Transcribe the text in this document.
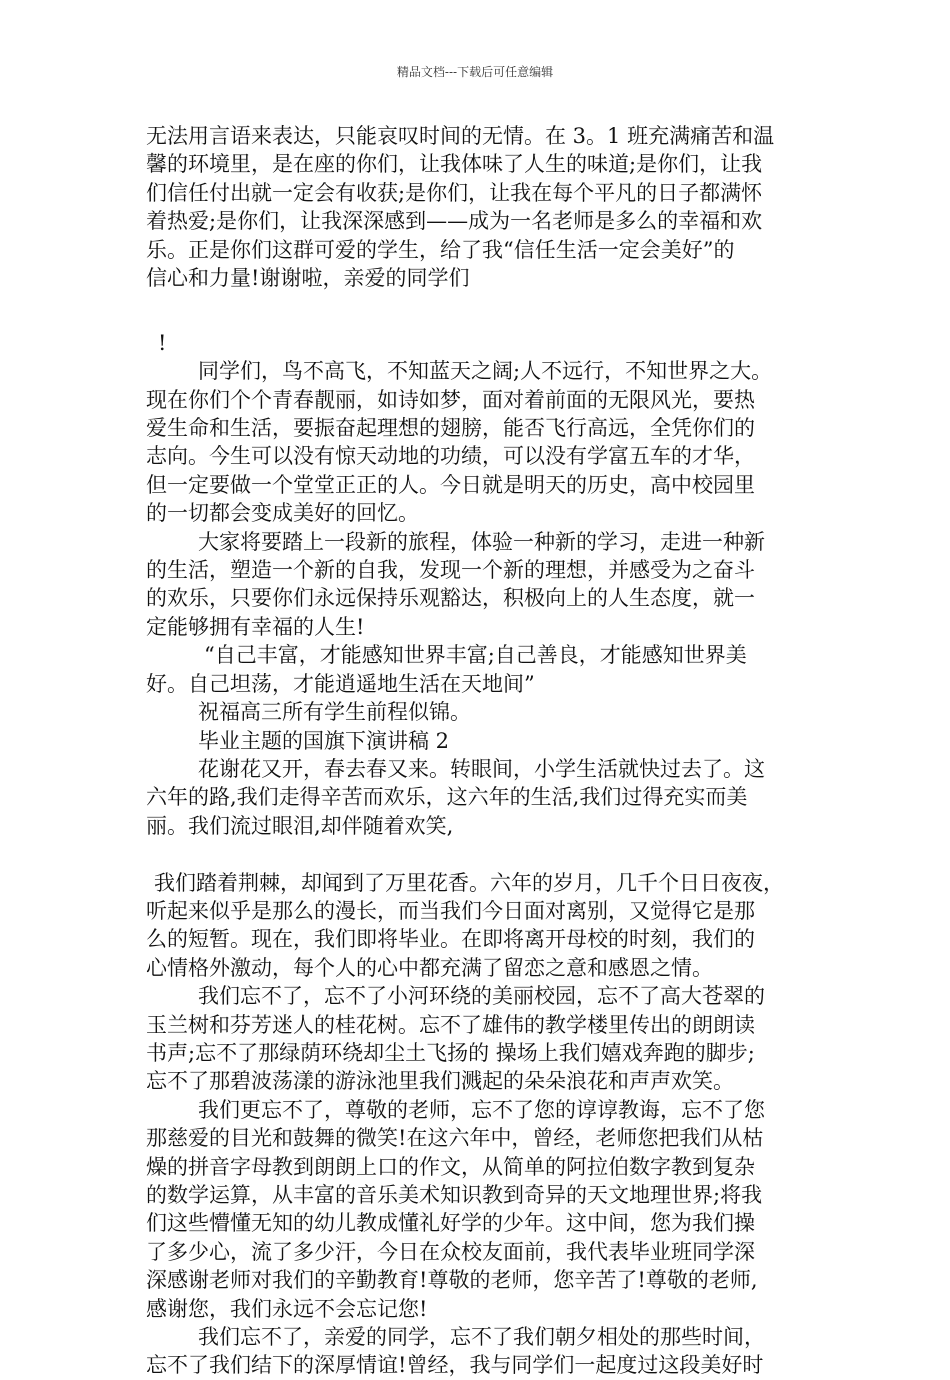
精品文档---下载后可任意编辑

无法用言语来表达，只能哀叹时间的无情。在 3。1 班充满痛苦和温

馨的环境里，是在座的你们，让我体味了人生的味道;是你们，让我

们信任付出就一定会有收获;是你们，让我在每个平凡的日子都满怀

着热爱;是你们，让我深深感到——成为一名老师是多么的幸福和欢

乐。正是你们这群可爱的学生，给了我“信任生活一定会美好”的

信心和力量!谢谢啦，亲爱的同学们

!

同学们，鸟不高飞，不知蓝天之阔;人不远行，不知世界之大。

现在你们个个青春靓丽，如诗如梦，面对着前面的无限风光，要热

爱生命和生活，要振奋起理想的翅膀，能否飞行高远，全凭你们的

志向。今生可以没有惊天动地的功绩，可以没有学富五车的才华，

但一定要做一个堂堂正正的人。今日就是明天的历史，高中校园里

的一切都会变成美好的回忆。

大家将要踏上一段新的旅程，体验一种新的学习，走进一种新

的生活，塑造一个新的自我，发现一个新的理想，并感受为之奋斗

的欢乐，只要你们永远保持乐观豁达，积极向上的人生态度，就一

定能够拥有幸福的人生!

“自己丰富，才能感知世界丰富;自己善良，才能感知世界美

好。自己坦荡，才能逍遥地生活在天地间”

祝福高三所有学生前程似锦。

毕业主题的国旗下演讲稿 2

花谢花又开，春去春又来。转眼间，小学生活就快过去了。这

六年的路,我们走得辛苦而欢乐，这六年的生活,我们过得充实而美

丽。我们流过眼泪,却伴随着欢笑,

我们踏着荆棘，却闻到了万里花香。六年的岁月，几千个日日夜夜，

听起来似乎是那么的漫长，而当我们今日面对离别，又觉得它是那

么的短暂。现在，我们即将毕业。在即将离开母校的时刻，我们的

心情格外激动，每个人的心中都充满了留恋之意和感恩之情。

我们忘不了，忘不了小河环绕的美丽校园，忘不了高大苍翠的

玉兰树和芬芳迷人的桂花树。忘不了雄伟的教学楼里传出的朗朗读

书声;忘不了那绿荫环绕却尘土飞扬的 操场上我们嬉戏奔跑的脚步;

忘不了那碧波荡漾的游泳池里我们溅起的朵朵浪花和声声欢笑。

我们更忘不了，尊敬的老师，忘不了您的谆谆教诲，忘不了您

那慈爱的目光和鼓舞的微笑!在这六年中，曾经，老师您把我们从枯

燥的拼音字母教到朗朗上口的作文，从简单的阿拉伯数字教到复杂

的数学运算，从丰富的音乐美术知识教到奇异的天文地理世界;将我

们这些懵懂无知的幼儿教成懂礼好学的少年。这中间，您为我们操

了多少心，流了多少汗，今日在众校友面前，我代表毕业班同学深

深感谢老师对我们的辛勤教育!尊敬的老师，您辛苦了!尊敬的老师,

感谢您，我们永远不会忘记您!

我们忘不了，亲爱的同学，忘不了我们朝夕相处的那些时间，

忘不了我们结下的深厚情谊!曾经，我与同学们一起度过这段美好时
